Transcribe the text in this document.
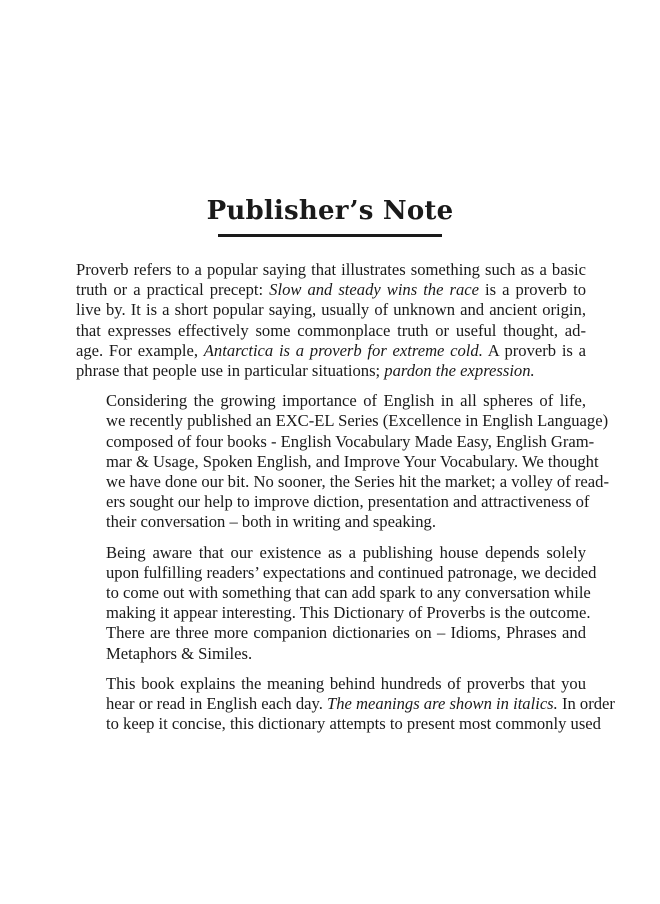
Publisher’s Note
Proverb refers to a popular saying that illustrates something such as a basic
truth or a practical precept: Slow and steady wins the race is a proverb to
live by. It is a short popular saying, usually of unknown and ancient origin,
that expresses effectively some commonplace truth or useful thought, ad-
age. For example, Antarctica is a proverb for extreme cold. A proverb is a
phrase that people use in particular situations; pardon the expression.
Considering the growing importance of English in all spheres of life,
we recently published an EXC-EL Series (Excellence in English Language)
composed of four books - English Vocabulary Made Easy, English Gram-
mar & Usage, Spoken English, and Improve Your Vocabulary. We thought
we have done our bit. No sooner, the Series hit the market; a volley of read-
ers sought our help to improve diction, presentation and attractiveness of
their conversation – both in writing and speaking.
Being aware that our existence as a publishing house depends solely
upon fulfilling readers’ expectations and continued patronage, we decided
to come out with something that can add spark to any conversation while
making it appear interesting. This Dictionary of Proverbs is the outcome.
There are three more companion dictionaries on – Idioms, Phrases and
Metaphors & Similes.
This book explains the meaning behind hundreds of proverbs that you
hear or read in English each day. The meanings are shown in italics. In order
to keep it concise, this dictionary attempts to present most commonly used
